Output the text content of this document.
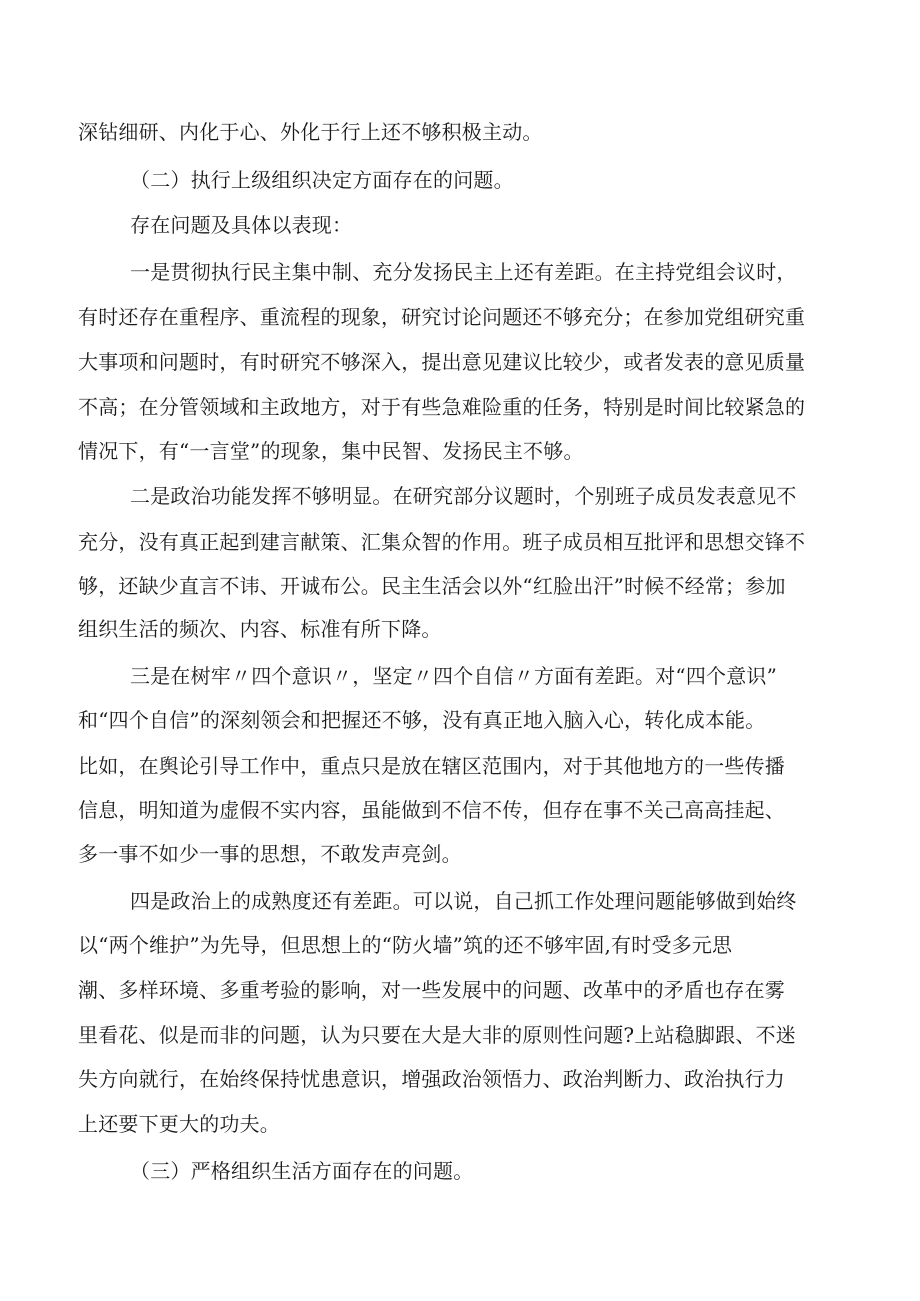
深钻细研、内化于心、外化于行上还不够积极主动。
（二）执行上级组织决定方面存在的问题。
存在问题及具体以表现：
一是贯彻执行民主集中制、充分发扬民主上还有差距。在主持党组会议时，
有时还存在重程序、重流程的现象，研究讨论问题还不够充分；在参加党组研究重
大事项和问题时，有时研究不够深入，提出意见建议比较少，或者发表的意见质量
不高；在分管领域和主政地方，对于有些急难险重的任务，特别是时间比较紧急的
情况下，有“一言堂”的现象，集中民智、发扬民主不够。
二是政治功能发挥不够明显。在研究部分议题时，个别班子成员发表意见不
充分，没有真正起到建言献策、汇集众智的作用。班子成员相互批评和思想交锋不
够，还缺少直言不讳、开诚布公。民主生活会以外“红脸出汗”时候不经常；参加
组织生活的频次、内容、标准有所下降。
三是在树牢〃四个意识〃，坚定〃四个自信〃方面有差距。对“四个意识”
和“四个自信”的深刻领会和把握还不够，没有真正地入脑入心，转化成本能。
比如，在舆论引导工作中，重点只是放在辖区范围内，对于其他地方的一些传播
信息，明知道为虚假不实内容，虽能做到不信不传，但存在事不关己高高挂起、
多一事不如少一事的思想，不敢发声亮剑。
四是政治上的成熟度还有差距。可以说，自己抓工作处理问题能够做到始终
以“两个维护”为先导，但思想上的“防火墙”筑的还不够牢固,有时受多元思
潮、多样环境、多重考验的影响，对一些发展中的问题、改革中的矛盾也存在雾
里看花、似是而非的问题，认为只要在大是大非的原则性问题?上站稳脚跟、不迷
失方向就行，在始终保持忧患意识，增强政治领悟力、政治判断力、政治执行力
上还要下更大的功夫。
（三）严格组织生活方面存在的问题。
